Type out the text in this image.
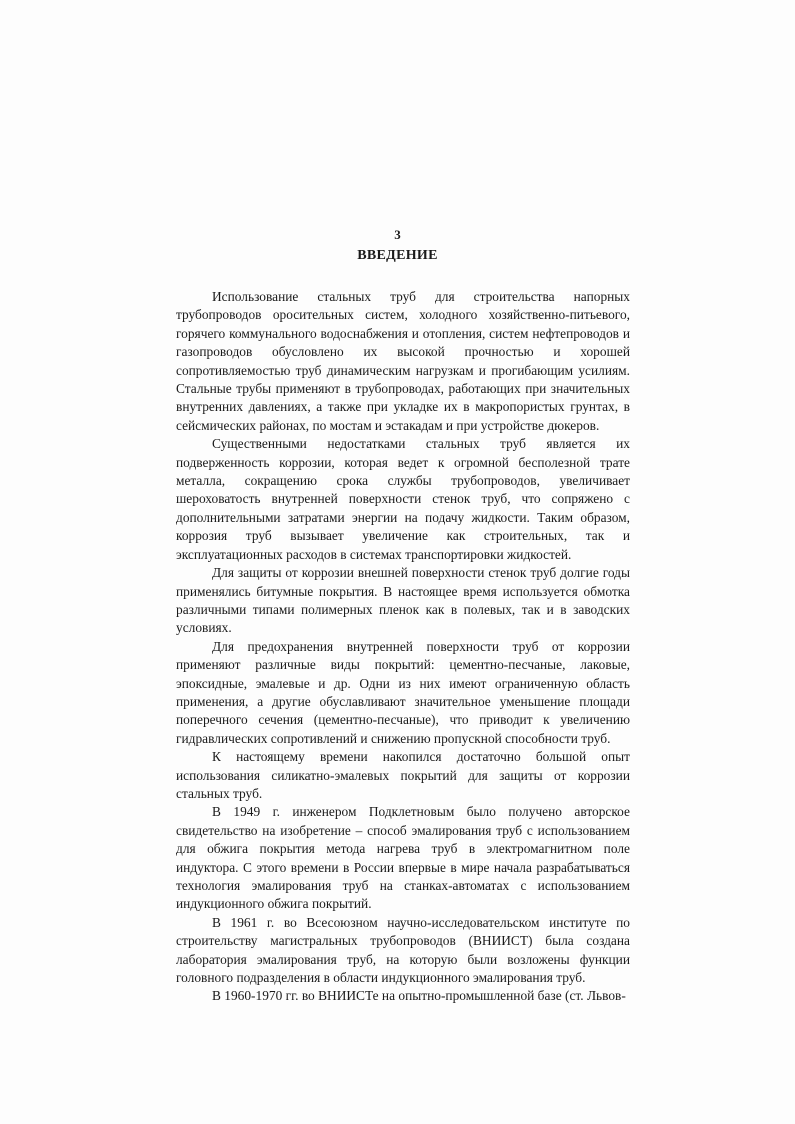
3
ВВЕДЕНИЕ

Использование стальных труб для строительства напорных трубопроводов оросительных систем, холодного хозяйственно-питьевого, горячего коммунального водоснабжения и отопления, систем нефтепроводов и газопроводов обусловлено их высокой прочностью и хорошей сопротивляемостью труб динамическим нагрузкам и прогибающим усилиям. Стальные трубы применяют в трубопроводах, работающих при значительных внутренних давлениях, а также при укладке их в макропористых грунтах, в сейсмических районах, по мостам и эстакадам и при устройстве дюкеров.

Существенными недостатками стальных труб является их подверженность коррозии, которая ведет к огромной бесполезной трате металла, сокращению срока службы трубопроводов, увеличивает шероховатость внутренней поверхности стенок труб, что сопряжено с дополнительными затратами энергии на подачу жидкости. Таким образом, коррозия труб вызывает увеличение как строительных, так и эксплуатационных расходов в системах транспортировки жидкостей.

Для защиты от коррозии внешней поверхности стенок труб долгие годы применялись битумные покрытия. В настоящее время используется обмотка различными типами полимерных пленок как в полевых, так и в заводских условиях.

Для предохранения внутренней поверхности труб от коррозии применяют различные виды покрытий: цементно-песчаные, лаковые, эпоксидные, эмалевые и др. Одни из них имеют ограниченную область применения, а другие обуславливают значительное уменьшение площади поперечного сечения (цементно-песчаные), что приводит к увеличению гидравлических сопротивлений и снижению пропускной способности труб.

К настоящему времени накопился достаточно большой опыт использования силикатно-эмалевых покрытий для защиты от коррозии стальных труб.

В 1949 г. инженером Подклетновым было получено авторское свидетельство на изобретение – способ эмалирования труб с использованием для обжига покрытия метода нагрева труб в электромагнитном поле индуктора. С этого времени в России впервые в мире начала разрабатываться технология эмалирования труб на станках-автоматах с использованием индукционного обжига покрытий.

В 1961 г. во Всесоюзном научно-исследовательском институте по строительству магистральных трубопроводов (ВНИИСТ) была создана лаборатория эмалирования труб, на которую были возложены функции головного подразделения в области индукционного эмалирования труб.

В 1960-1970 гг. во ВНИИСТе на опытно-промышленной базе (ст. Львов-
